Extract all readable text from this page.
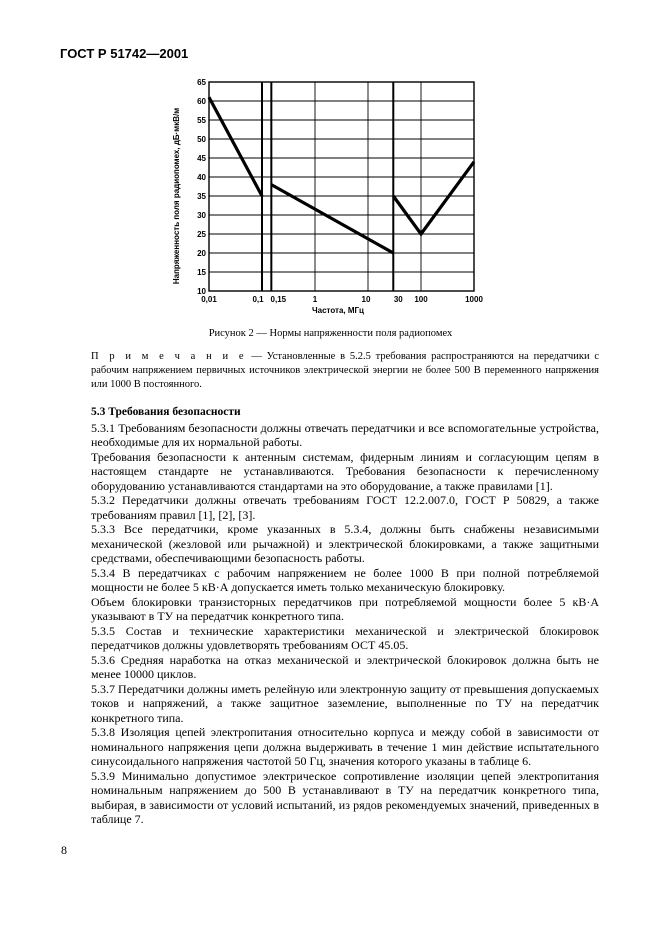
ГОСТ Р 51742—2001
10
15
20
25
30
35
40
45
50
55
60
65
0,01	0,1 0,15	1	10	30 100	1000
Напряженность поля радиопомех, дБ·мкВ/м
Частота, МГц
Рисунок 2 — Нормы напряженности поля радиопомех
П р и м е ч а н и е — Установленные в 5.2.5 требования распространяются на передатчики с рабочим напряжением первичных источников электрической энергии не более 500 В переменного напряжения или 1000 В постоянного.
5.3 Требования безопасности

5.3.1 Требованиям безопасности должны отвечать передатчики и все вспомогательные устройства, необходимые для их нормальной работы.

Требования безопасности к антенным системам, фидерным линиям и согласующим цепям в настоящем стандарте не устанавливаются. Требования безопасности к перечисленному оборудованию устанавливаются стандартами на это оборудование, а также правилами [1].

5.3.2 Передатчики должны отвечать требованиям ГОСТ 12.2.007.0, ГОСТ Р 50829, а также требованиям правил [1], [2], [3].

5.3.3 Все передатчики, кроме указанных в 5.3.4, должны быть снабжены независимыми механической (жезловой или рычажной) и электрической блокировками, а также защитными средствами, обеспечивающими безопасность работы.

5.3.4 В передатчиках с рабочим напряжением не более 1000 В при полной потребляемой мощности не более 5 кВ·А допускается иметь только механическую блокировку.

Объем блокировки транзисторных передатчиков при потребляемой мощности более 5 кВ·А указывают в ТУ на передатчик конкретного типа.

5.3.5 Состав и технические характеристики механической и электрической блокировок передатчиков должны удовлетворять требованиям ОСТ 45.05.

5.3.6 Средняя наработка на отказ механической и электрической блокировок должна быть не менее 10000 циклов.

5.3.7 Передатчики должны иметь релейную или электронную защиту от превышения допускаемых токов и напряжений, а также защитное заземление, выполненные по ТУ на передатчик конкретного типа.

5.3.8 Изоляция цепей электропитания относительно корпуса и между собой в зависимости от номинального напряжения цепи должна выдерживать в течение 1 мин действие испытательного синусоидального напряжения частотой 50 Гц, значения которого указаны в таблице 6.

5.3.9 Минимально допустимое электрическое сопротивление изоляции цепей электропитания номинальным напряжением до 500 В устанавливают в ТУ на передатчик конкретного типа, выбирая, в зависимости от условий испытаний, из рядов рекомендуемых значений, приведенных в таблице 7.

8
